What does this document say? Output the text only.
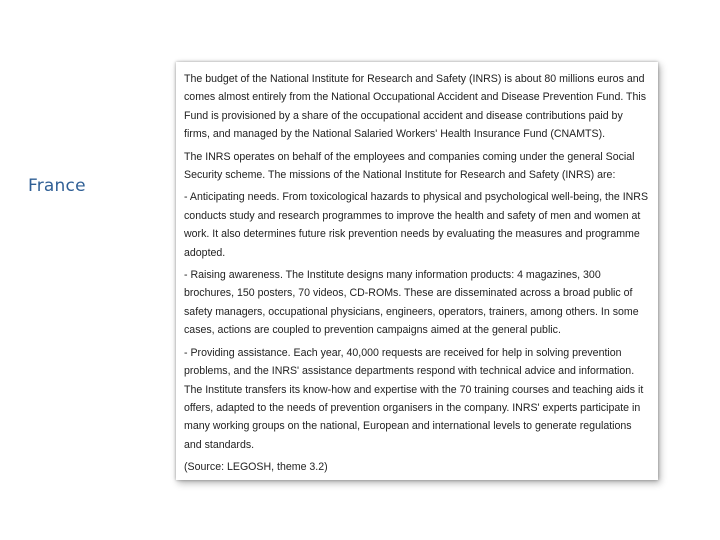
France

The budget of the National Institute for Research and Safety (INRS) is about 80 millions euros and comes almost entirely from the National Occupational Accident and Disease Prevention Fund. This Fund is provisioned by a share of the occupational accident and disease contributions paid by firms, and managed by the National Salaried Workers' Health Insurance Fund (CNAMTS).

The INRS operates on behalf of the employees and companies coming under the general Social Security scheme. The missions of the National Institute for Research and Safety (INRS) are:

- Anticipating needs. From toxicological hazards to physical and psychological well-being, the INRS conducts study and research programmes to improve the health and safety of men and women at work. It also determines future risk prevention needs by evaluating the measures and programme adopted.

- Raising awareness. The Institute designs many information products: 4 magazines, 300 brochures, 150 posters, 70 videos, CD-ROMs. These are disseminated across a broad public of safety managers, occupational physicians, engineers, operators, trainers, among others. In some cases, actions are coupled to prevention campaigns aimed at the general public.

- Providing assistance. Each year, 40,000 requests are received for help in solving prevention problems, and the INRS' assistance departments respond with technical advice and information. The Institute transfers its know-how and expertise with the 70 training courses and teaching aids it offers, adapted to the needs of prevention organisers in the company. INRS' experts participate in many working groups on the national, European and international levels to generate regulations and standards.

(Source: LEGOSH, theme 3.2)
